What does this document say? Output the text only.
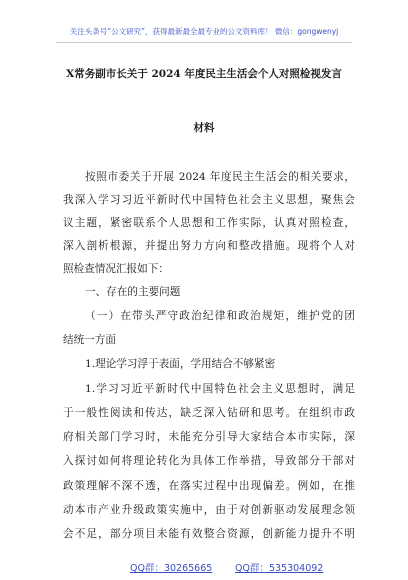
关注头条号“公文研究”，获得最新最全最专业的公文资料库！ 微信：gongwenyj
X常务副市长关于 2024 年度民主生活会个人对照检视发言
材料
按照市委关于开展 2024 年度民主生活会的相关要求，
我深入学习习近平新时代中国特色社会主义思想，聚焦会
议主题，紧密联系个人思想和工作实际，认真对照检查，
深入剖析根源，并提出努力方向和整改措施。现将个人对
照检查情况汇报如下：
一、存在的主要问题
（一）在带头严守政治纪律和政治规矩，维护党的团
结统一方面
1.理论学习浮于表面，学用结合不够紧密
1.学习习近平新时代中国特色社会主义思想时，满足
于一般性阅读和传达，缺乏深入钻研和思考。在组织市政
府相关部门学习时，未能充分引导大家结合本市实际，深
入探讨如何将理论转化为具体工作举措，导致部分干部对
政策理解不深不透，在落实过程中出现偏差。例如，在推
动本市产业升级政策实施中，由于对创新驱动发展理念领
会不足，部分项目未能有效整合资源，创新能力提升不明
QQ群：30265665 QQ群：535304092
